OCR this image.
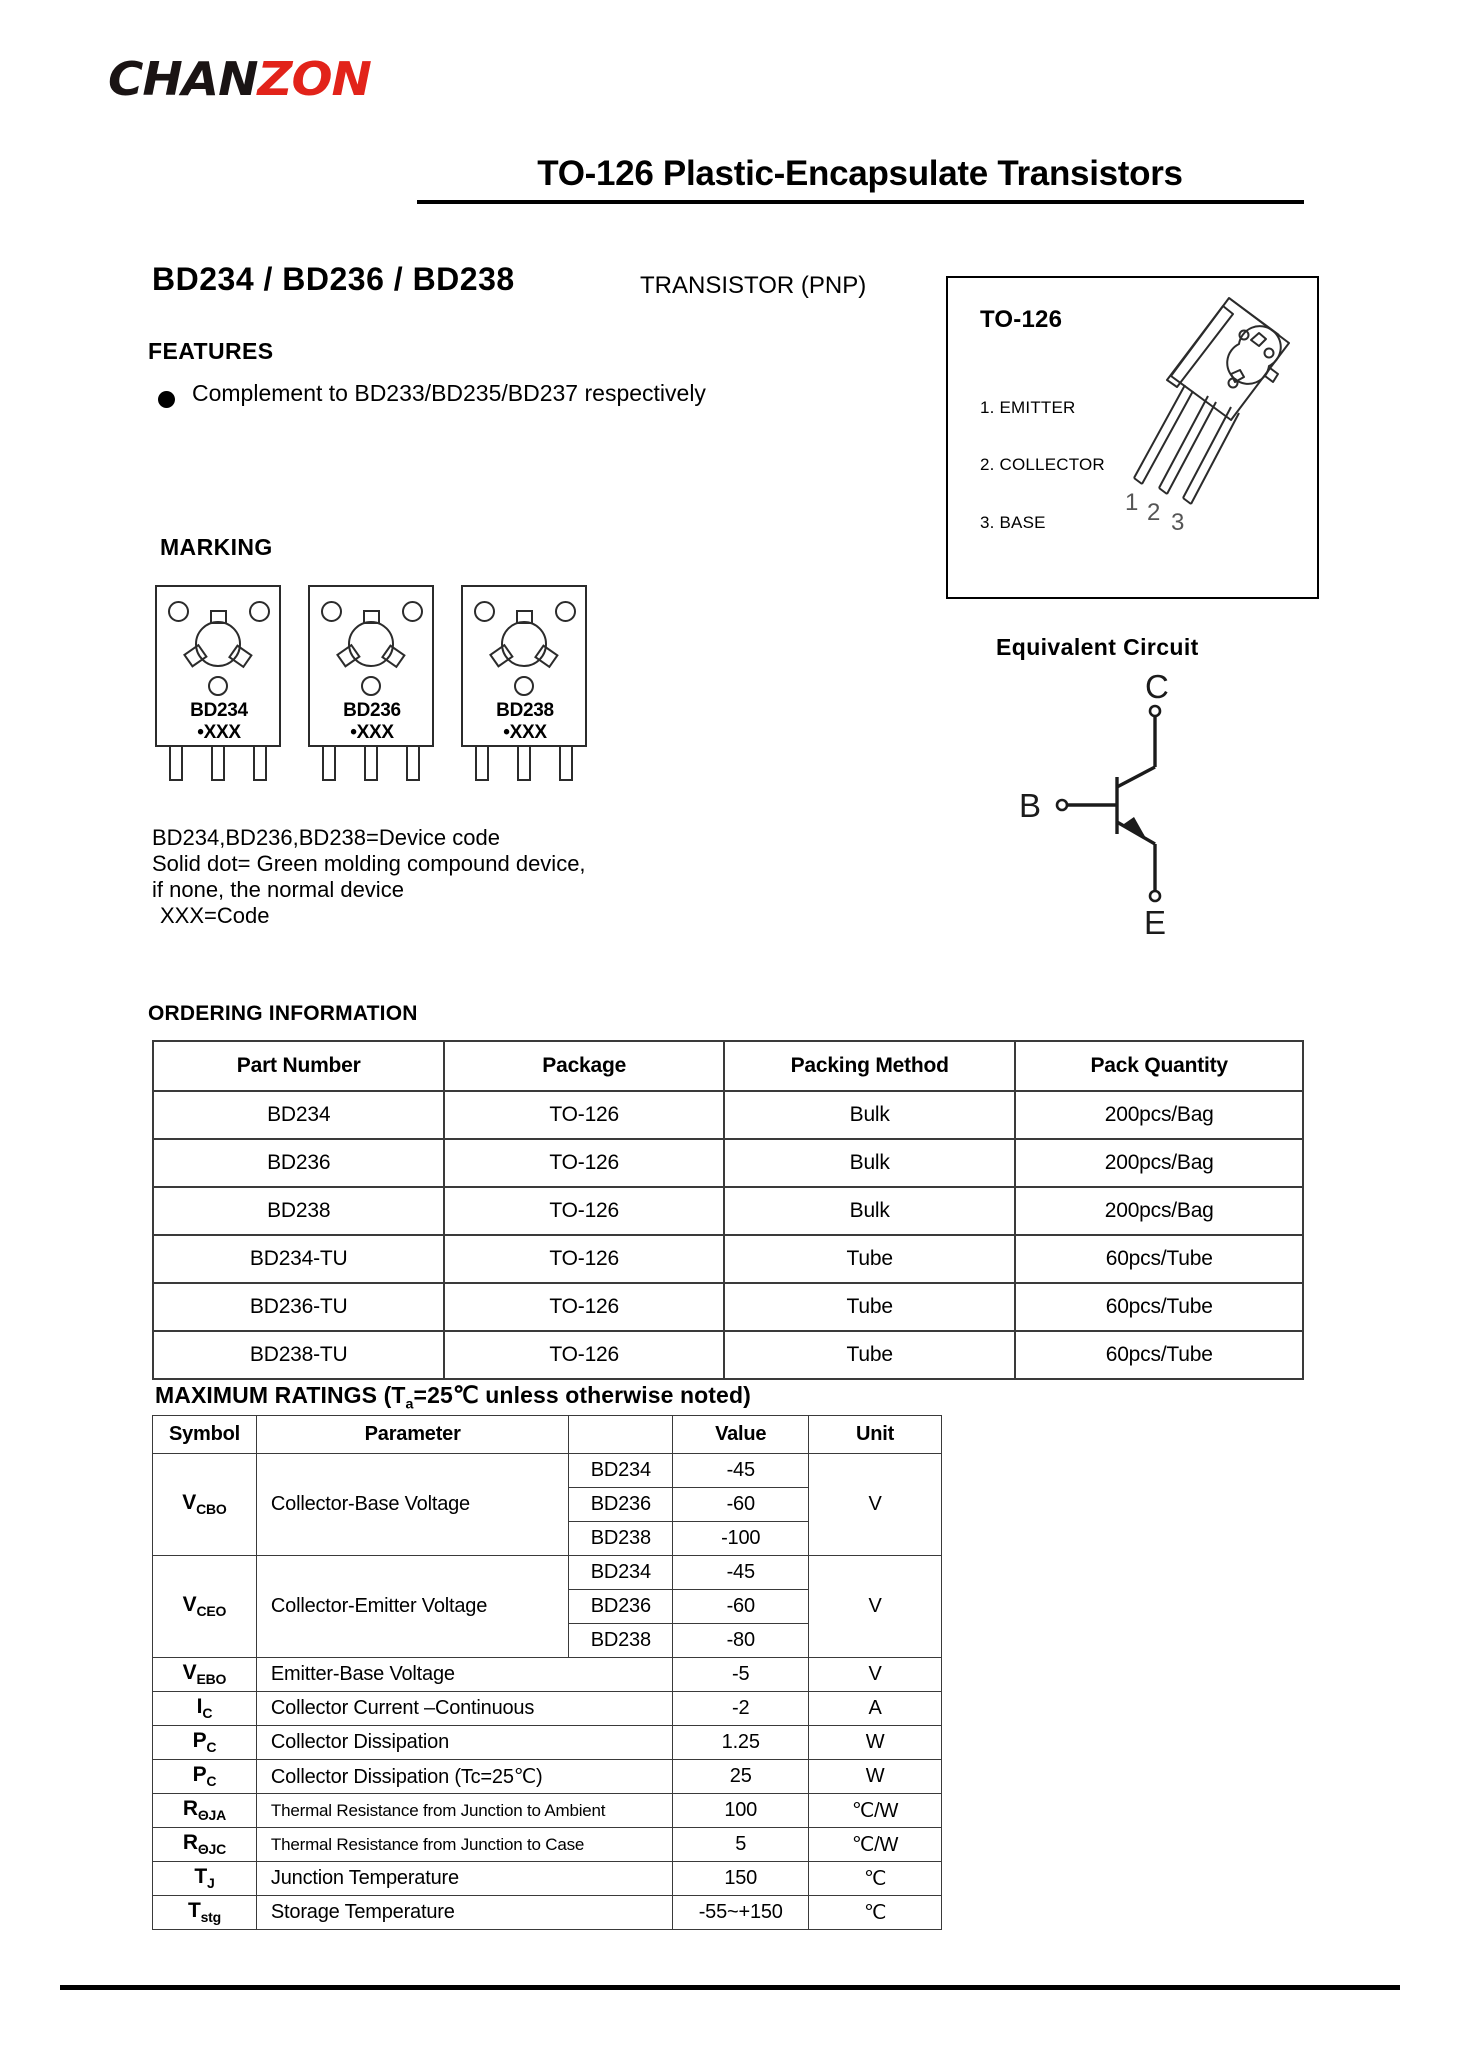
CHANZON
TO-126 Plastic-Encapsulate Transistors
BD234 / BD236 / BD238	TRANSISTOR (PNP)
FEATURES
Complement to BD233/BD235/BD237 respectively
MARKING
BD234
•XXX
BD236
•XXX
BD238
•XXX
BD234,BD236,BD238=Device code
Solid dot= Green molding compound device,
if none, the normal device
XXX=Code
TO-126
1. EMITTER
2. COLLECTOR
3. BASE
1 2 3
Equivalent Circuit
C
B
E
ORDERING INFORMATION
Part Number	Package	Packing Method	Pack Quantity
BD234	TO-126	Bulk	200pcs/Bag
BD236	TO-126	Bulk	200pcs/Bag
BD238	TO-126	Bulk	200pcs/Bag
BD234-TU	TO-126	Tube	60pcs/Tube
BD236-TU	TO-126	Tube	60pcs/Tube
BD238-TU	TO-126	Tube	60pcs/Tube
MAXIMUM RATINGS ($T_a=25℃$ unless otherwise noted)
Symbol	Parameter		Value	Unit
$V_{CBO}$	Collector-Base Voltage	BD234	-45	V
		BD236	-60	
		BD238	-100	
$V_{CEO}$	Collector-Emitter Voltage	BD234	-45	V
		BD236	-60	
		BD238	-80	
$V_{EBO}$	Emitter-Base Voltage		-5	V
$I_C$	Collector Current –Continuous		-2	A
$P_C$	Collector Dissipation		1.25	W
$P_C$	Collector Dissipation (Tc=25℃)		25	W
$R_{\Theta JA}$	Thermal Resistance from Junction to Ambient		100	℃/W
$R_{\Theta JC}$	Thermal Resistance from Junction to Case		5	℃/W
$T_J$	Junction Temperature		150	℃
$T_{stg}$	Storage Temperature		-55~+150	℃
